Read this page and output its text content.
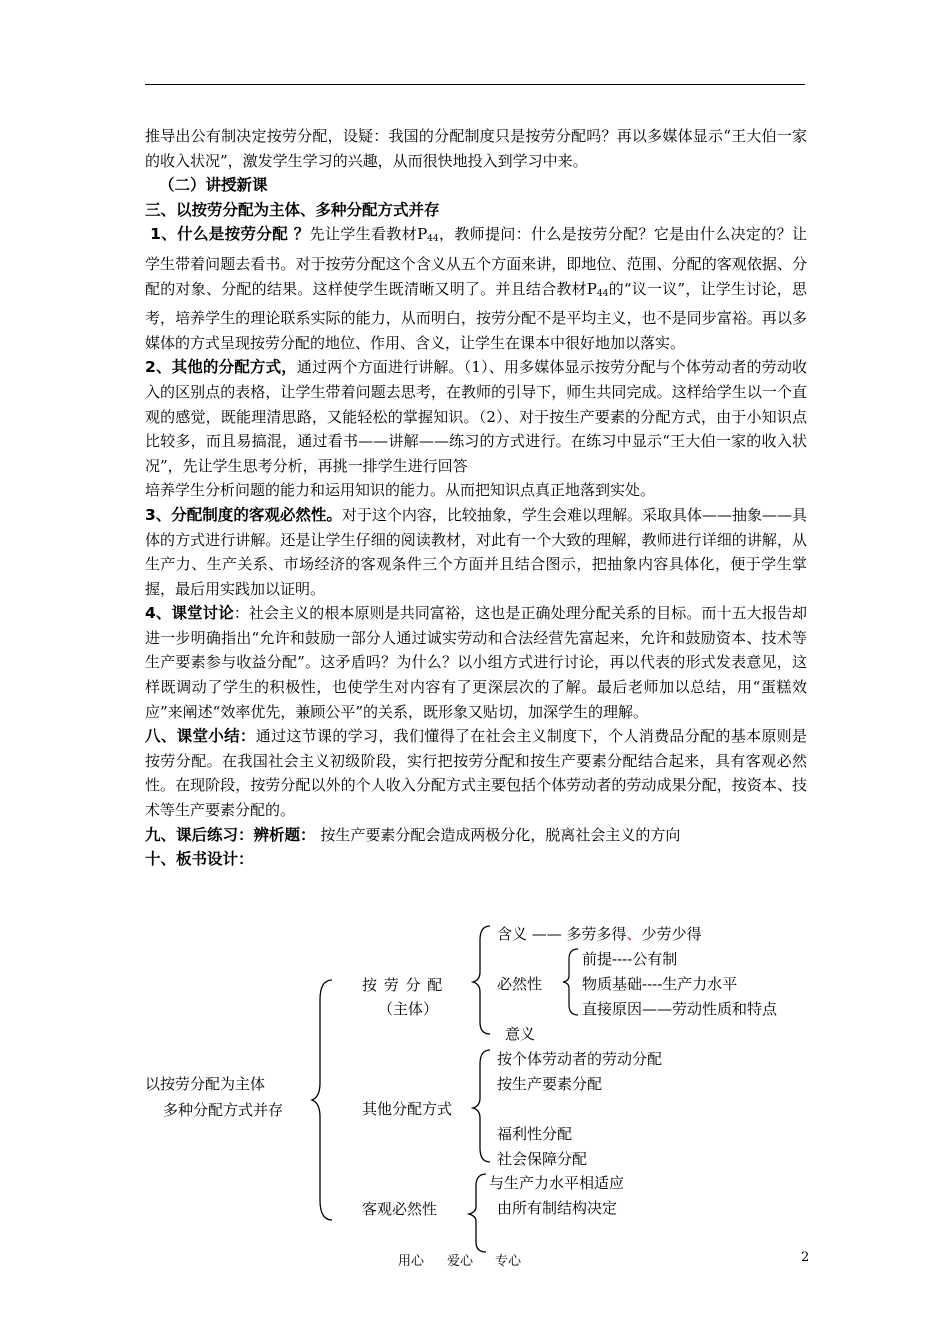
推导出公有制决定按劳分配，设疑：我国的分配制度只是按劳分配吗？再以多媒体显示“王大伯一家的收入状况”，激发学生学习的兴趣，从而很快地投入到学习中来。

（二）讲授新课

三、以按劳分配为主体、多种分配方式并存

1、什么是按劳分配 ？先让学生看教材$P_{44}$，教师提问：什么是按劳分配？它是由什么决定的？让学生带着问题去看书。对于按劳分配这个含义从五个方面来讲，即地位、范围、分配的客观依据、分配的对象、分配的结果。这样使学生既清晰又明了。并且结合教材$P_{44}$的“议一议”，让学生讨论，思考，培养学生的理论联系实际的能力，从而明白，按劳分配不是平均主义，也不是同步富裕。再以多媒体的方式呈现按劳分配的地位、作用、含义，让学生在课本中很好地加以落实。

2、其他的分配方式，通过两个方面进行讲解。（1）、用多媒体显示按劳分配与个体劳动者的劳动收入的区别点的表格，让学生带着问题去思考，在教师的引导下，师生共同完成。这样给学生以一个直观的感觉，既能理清思路，又能轻松的掌握知识。（2）、对于按生产要素的分配方式，由于小知识点比较多，而且易搞混，通过看书——讲解——练习的方式进行。在练习中显示“王大伯一家的收入状况”，先让学生思考分析，再挑一排学生进行回答

培养学生分析问题的能力和运用知识的能力。从而把知识点真正地落到实处。

3、分配制度的客观必然性。对于这个内容，比较抽象，学生会难以理解。采取具体——抽象——具体的方式进行讲解。还是让学生仔细的阅读教材，对此有一个大致的理解，教师进行详细的讲解，从生产力、生产关系、市场经济的客观条件三个方面并且结合图示，把抽象内容具体化，便于学生掌握，最后用实践加以证明。

4、课堂讨论：社会主义的根本原则是共同富裕，这也是正确处理分配关系的目标。而十五大报告却进一步明确指出“允许和鼓励一部分人通过诚实劳动和合法经营先富起来，允许和鼓励资本、技术等生产要素参与收益分配”。这矛盾吗？为什么？以小组方式进行讨论，再以代表的形式发表意见，这样既调动了学生的积极性，也使学生对内容有了更深层次的了解。最后老师加以总结，用“蛋糕效应”来阐述“效率优先，兼顾公平”的关系，既形象又贴切，加深学生的理解。

八、课堂小结：通过这节课的学习，我们懂得了在社会主义制度下，个人消费品分配的基本原则是按劳分配。在我国社会主义初级阶段，实行把按劳分配和按生产要素分配结合起来，具有客观必然性。在现阶段，按劳分配以外的个人收入分配方式主要包括个体劳动者的劳动成果分配，按资本、技术等生产要素分配的。

九、课后练习：辨析题： 按生产要素分配会造成两极分化，脱离社会主义的方向

十、板书设计：

以按劳分配为主体
多种分配方式并存
按 劳 分 配
（主体）
含义 —— 多劳多得、少劳少得
必然性
前提----公有制
物质基础----生产力水平
直接原因——劳动性质和特点
意义
其他分配方式
按个体劳动者的劳动分配
按生产要素分配
福利性分配
社会保障分配
客观必然性
与生产力水平相适应
由所有制结构决定
用心 爱心 专心	2
